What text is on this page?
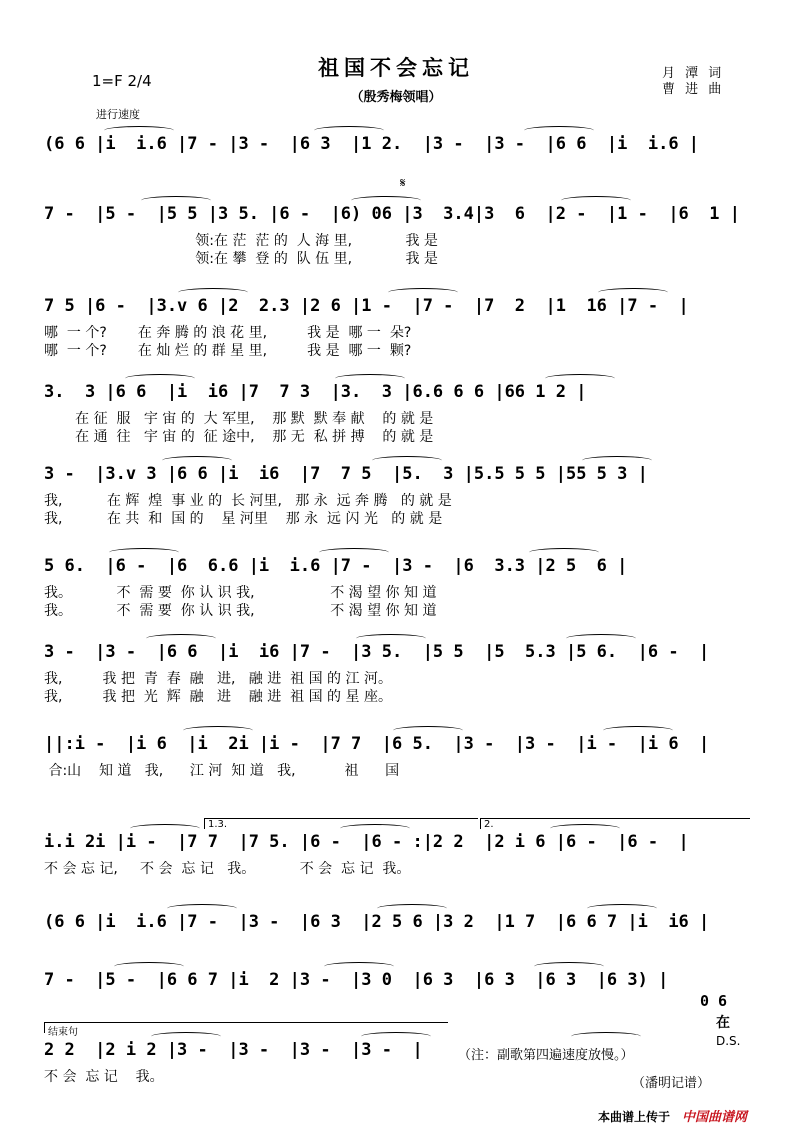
祖国不会忘记
（殷秀梅领唱）
1=F 2/4
进行速度
月 潭 词
曹 进 曲
𝄋
(6 6 |i  i.6 |7 - |3 -  |6 3  |1 2.  |3 -  |3 -  |6 6  |i  i.6 |
7 -  |5 -  |5 5 |3 5. |6 -  |6) 06 |3  3.4|3  6  |2 -  |1 -  |6  1 |
领:在 茫  茫 的  人 海 里,            我 是
领:在 攀  登 的  队 伍 里,            我 是
7 5 |6 -  |3.v 6 |2  2.3 |2 6 |1 -  |7 -  |7  2  |1  16 |7 -  |
哪  一 个?       在 奔 腾 的 浪 花 里,         我 是  哪 一  朵?
哪  一 个?       在 灿 烂 的 群 星 里,         我 是  哪 一  颗?
3.  3 |6 6  |i  i6 |7  7 3  |3.  3 |6.6 6 6 |66 1 2 |
在 征  服   宇 宙 的  大 军里,    那 默  默 奉 献    的 就 是
在 通  往   宇 宙 的  征 途中,    那 无  私 拼 搏    的 就 是
3 -  |3.v 3 |6 6 |i  i6  |7  7 5  |5.  3 |5.5 5 5 |55 5 3 |
我,          在 辉  煌  事 业 的  长 河里,   那 永  远 奔 腾   的 就 是
我,          在 共  和  国 的    星 河里    那 永  远 闪 光   的 就 是
5 6.  |6 -  |6  6.6 |i  i.6 |7 -  |3 -  |6  3.3 |2 5  6 |
我。          不  需 要  你 认 识 我,                 不 渴 望 你 知 道
我。          不  需 要  你 认 识 我,                 不 渴 望 你 知 道
3 -  |3 -  |6 6  |i  i6 |7 -  |3 5.  |5 5  |5  5.3 |5 6.  |6 -  |
我,         我 把  青  春  融   进,   融 进  祖 国 的 江 河。
我,         我 把  光  辉  融   进    融 进  祖 国 的 星 座。
||:i -  |i 6  |i  2i |i -  |7 7  |6 5.  |3 -  |3 -  |i -  |i 6  |
合:山    知 道   我,      江 河  知 道   我,           祖      国
i.i 2i |i -  |7 7  |7 5. |6 -  |6 - :|2 2  |2 i 6 |6 -  |6 -  |
不 会 忘 记,     不 会  忘 记   我。          不 会  忘 记  我。
(6 6 |i  i.6 |7 -  |3 -  |6 3  |2 5 6 |3 2  |1 7  |6 6 7 |i  i6 |
7 -  |5 -  |6 6 7 |i  2 |3 -  |3 0  |6 3  |6 3  |6 3  |6 3) |
2 2  |2 i 2 |3 -  |3 -  |3 -  |3 -  |
不 会  忘 记    我。
1.3.	2.
结束句
0 6
在
D.S.
（注：副歌第四遍速度放慢。）
（潘明记谱）
本曲谱上传于 中国曲谱网
